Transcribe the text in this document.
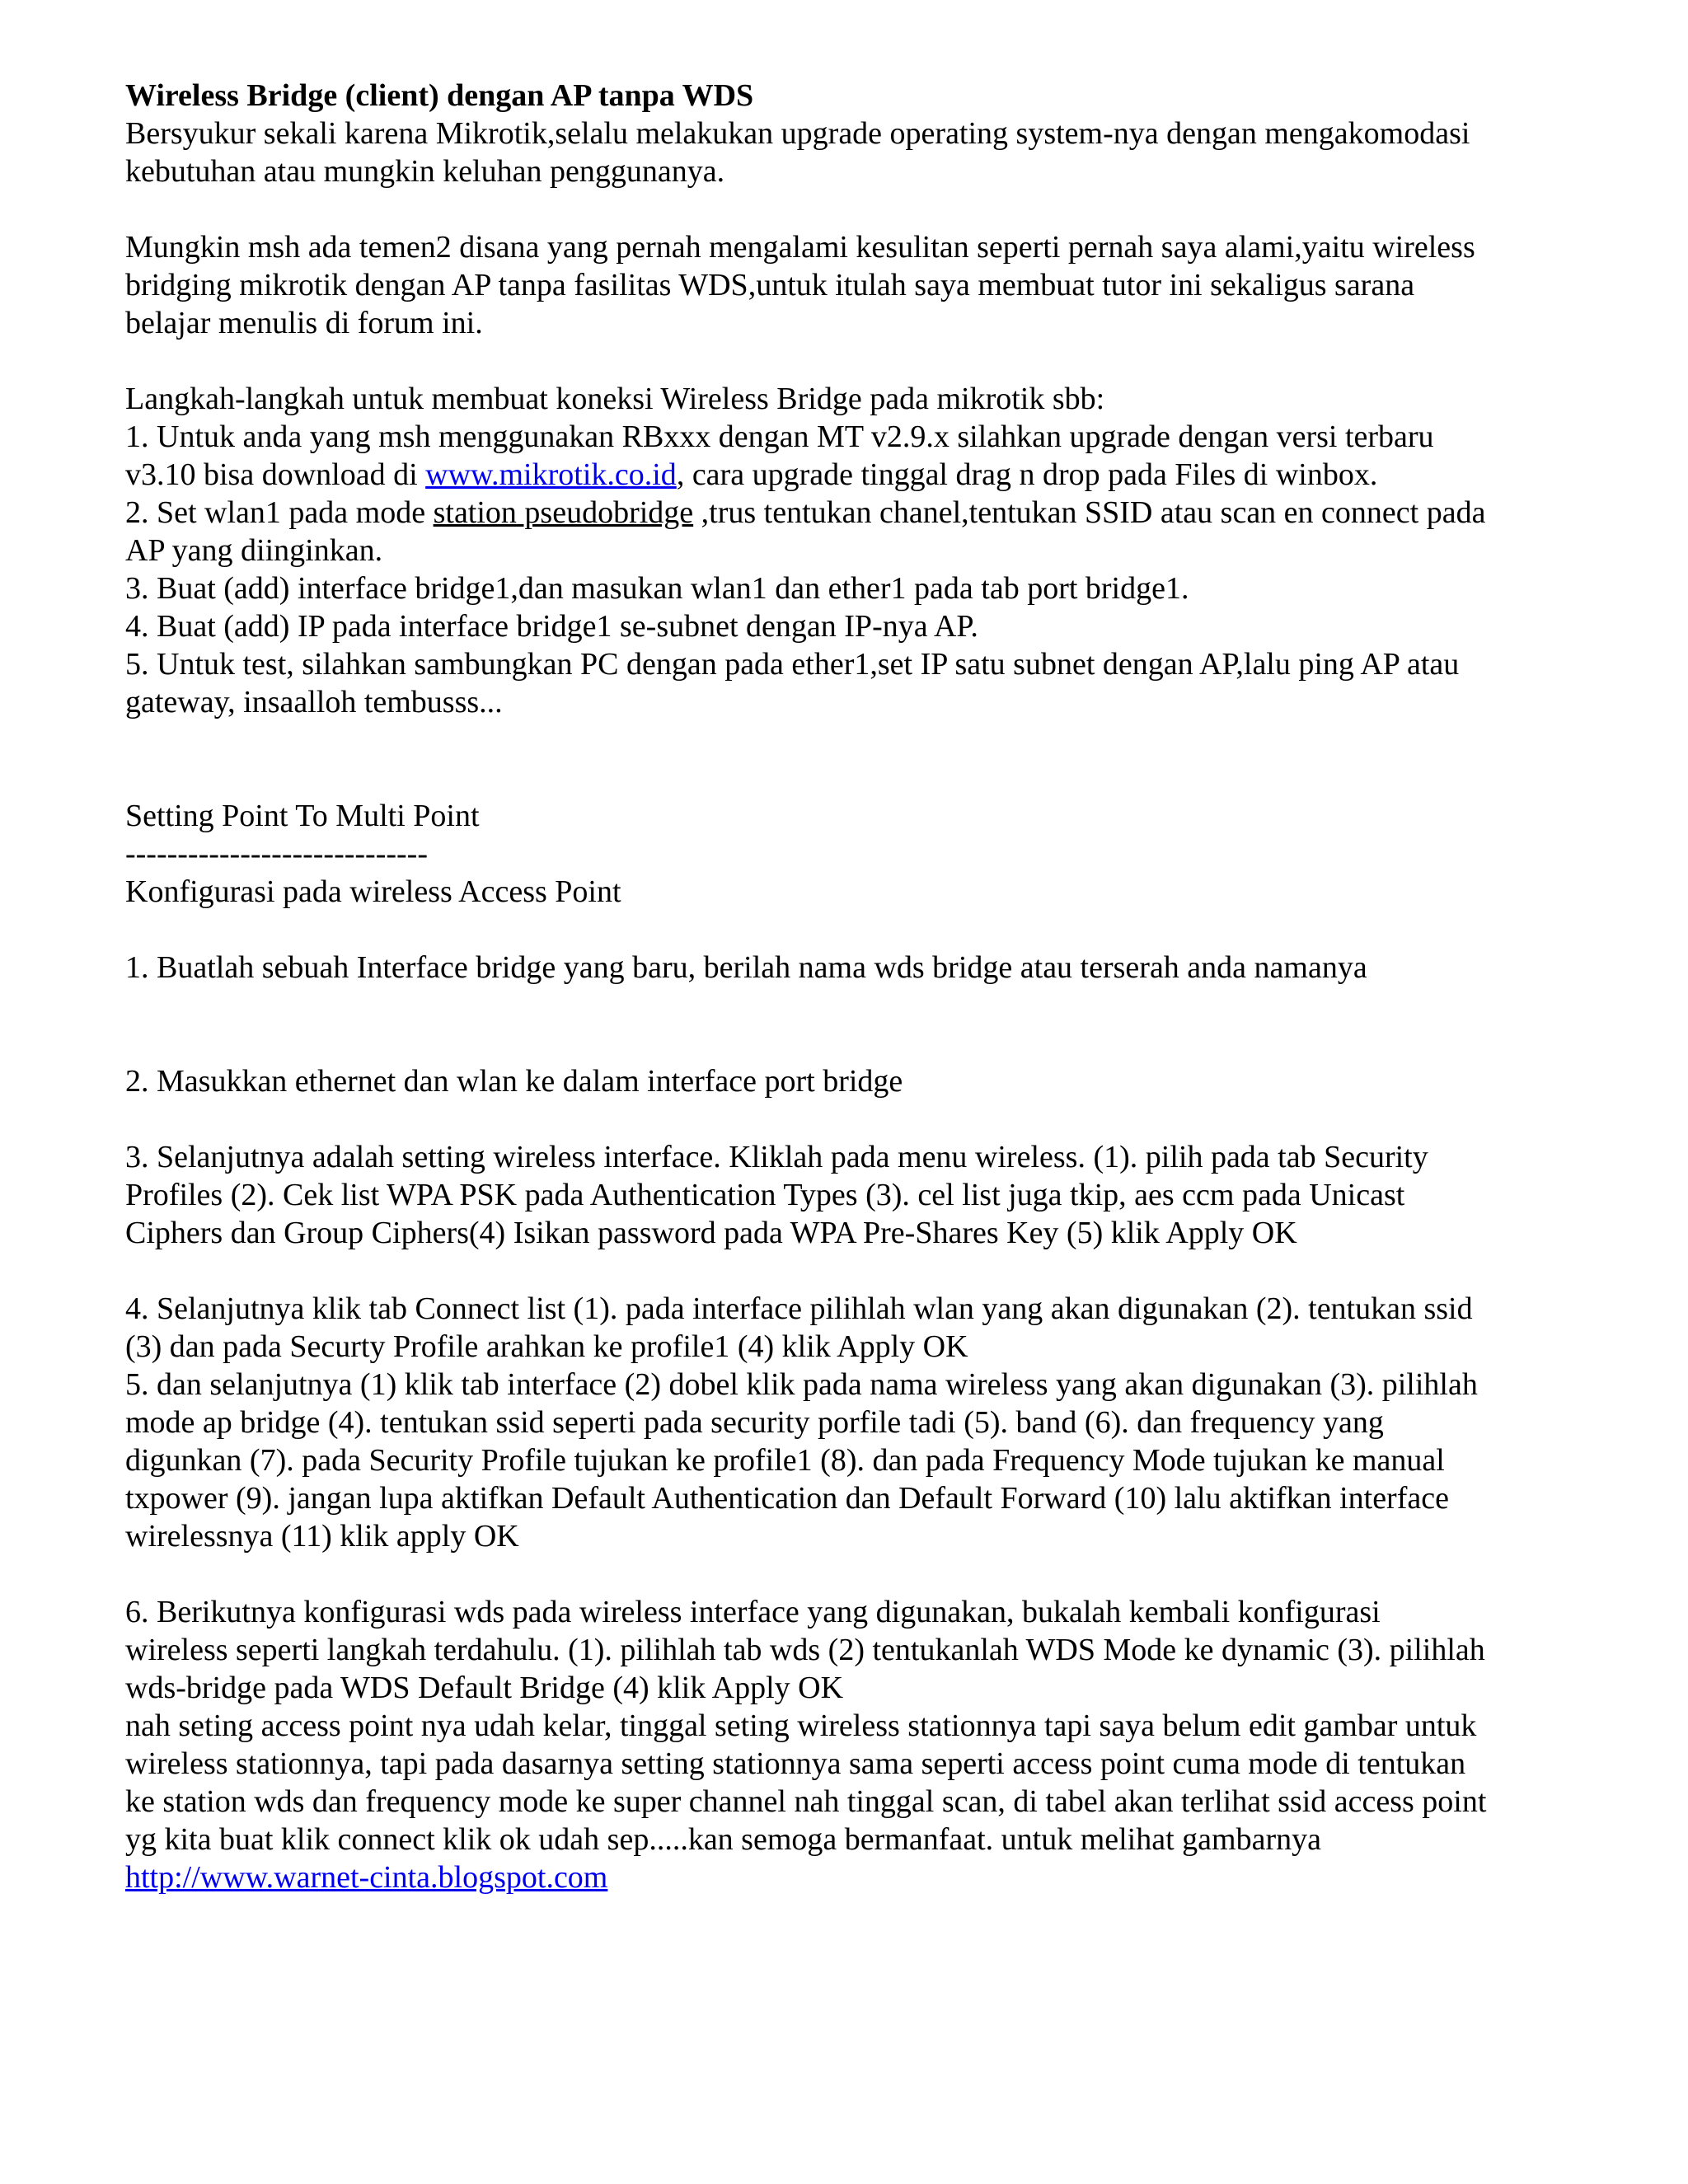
Wireless Bridge (client) dengan AP tanpa WDS
Bersyukur sekali karena Mikrotik,selalu melakukan upgrade operating system-nya dengan mengakomodasi
kebutuhan atau mungkin keluhan penggunanya.
Mungkin msh ada temen2 disana yang pernah mengalami kesulitan seperti pernah saya alami,yaitu wireless
bridging mikrotik dengan AP tanpa fasilitas WDS,untuk itulah saya membuat tutor ini sekaligus sarana
belajar menulis di forum ini.
Langkah-langkah untuk membuat koneksi Wireless Bridge pada mikrotik sbb:
1. Untuk anda yang msh menggunakan RBxxx dengan MT v2.9.x silahkan upgrade dengan versi terbaru
v3.10 bisa download di www.mikrotik.co.id, cara upgrade tinggal drag n drop pada Files di winbox.
2. Set wlan1 pada mode station pseudobridge ,trus tentukan chanel,tentukan SSID atau scan en connect pada
AP yang diinginkan.
3. Buat (add) interface bridge1,dan masukan wlan1 dan ether1 pada tab port bridge1.
4. Buat (add) IP pada interface bridge1 se-subnet dengan IP-nya AP.
5. Untuk test, silahkan sambungkan PC dengan pada ether1,set IP satu subnet dengan AP,lalu ping AP atau
gateway, insaalloh tembusss...
Setting Point To Multi Point
-----------------------------
Konfigurasi pada wireless Access Point
1. Buatlah sebuah Interface bridge yang baru, berilah nama wds bridge atau terserah anda namanya
2. Masukkan ethernet dan wlan ke dalam interface port bridge
3. Selanjutnya adalah setting wireless interface. Kliklah pada menu wireless. (1). pilih pada tab Security
Profiles (2). Cek list WPA PSK pada Authentication Types (3). cel list juga tkip, aes ccm pada Unicast
Ciphers dan Group Ciphers(4) Isikan password pada WPA Pre-Shares Key (5) klik Apply OK
4. Selanjutnya klik tab Connect list (1). pada interface pilihlah wlan yang akan digunakan (2). tentukan ssid
(3) dan pada Securty Profile arahkan ke profile1 (4) klik Apply OK
5. dan selanjutnya (1) klik tab interface (2) dobel klik pada nama wireless yang akan digunakan (3). pilihlah
mode ap bridge (4). tentukan ssid seperti pada security porfile tadi (5). band (6). dan frequency yang
digunkan (7). pada Security Profile tujukan ke profile1 (8). dan pada Frequency Mode tujukan ke manual
txpower (9). jangan lupa aktifkan Default Authentication dan Default Forward (10) lalu aktifkan interface
wirelessnya (11) klik apply OK
6. Berikutnya konfigurasi wds pada wireless interface yang digunakan, bukalah kembali konfigurasi
wireless seperti langkah terdahulu. (1). pilihlah tab wds (2) tentukanlah WDS Mode ke dynamic (3). pilihlah
wds-bridge pada WDS Default Bridge (4) klik Apply OK
nah seting access point nya udah kelar, tinggal seting wireless stationnya tapi saya belum edit gambar untuk
wireless stationnya, tapi pada dasarnya setting stationnya sama seperti access point cuma mode di tentukan
ke station wds dan frequency mode ke super channel nah tinggal scan, di tabel akan terlihat ssid access point
yg kita buat klik connect klik ok udah sep.....kan semoga bermanfaat. untuk melihat gambarnya
http://www.warnet-cinta.blogspot.com
